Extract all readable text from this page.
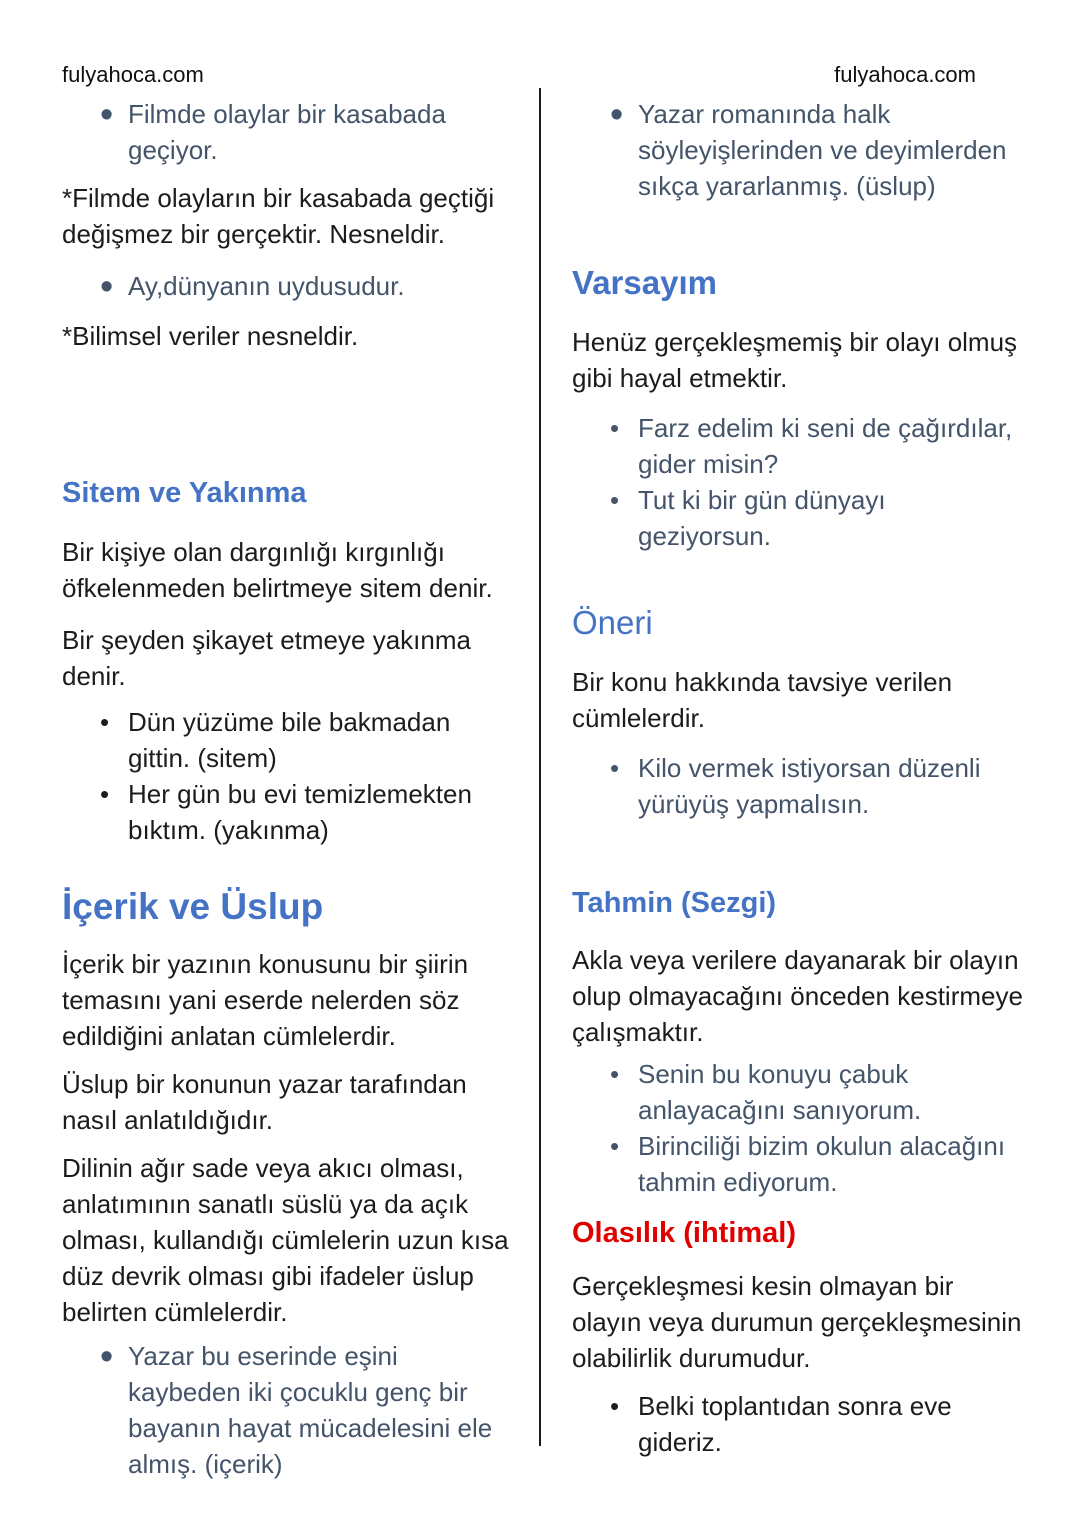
fulyahoca.com
• Filmde olaylar bir kasabada geçiyor.

*Filmde olayların bir kasabada geçtiği değişmez bir gerçektir. Nesneldir.

• Ay,dünyanın uydusudur.

*Bilimsel veriler nesneldir.

Sitem ve Yakınma

Bir kişiye olan dargınlığı kırgınlığı öfkelenmeden belirtmeye sitem denir.

Bir şeyden şikayet etmeye yakınma denir.

• Dün yüzüme bile bakmadan gittin. (sitem)
• Her gün bu evi temizlemekten bıktım. (yakınma)
İçerik ve Üslup

İçerik bir yazının konusunu bir şiirin temasını yani eserde nelerden söz edildiğini anlatan cümlelerdir.

Üslup bir konunun yazar tarafından nasıl anlatıldığıdır.

Dilinin ağır sade veya akıcı olması, anlatımının sanatlı süslü ya da açık olması, kullandığı cümlelerin uzun kısa düz devrik olması gibi ifadeler üslup belirten cümlelerdir.

• Yazar bu eserinde eşini kaybeden iki çocuklu genç bir bayanın hayat mücadelesini ele almış. (içerik)
fulyahoca.com
• Yazar romanında halk söyleyişlerinden ve deyimlerden sıkça yararlanmış. (üslup)
Varsayım

Henüz gerçekleşmemiş bir olayı olmuş gibi hayal etmektir.

• Farz edelim ki seni de çağırdılar, gider misin?
• Tut ki bir gün dünyayı geziyorsun.
Öneri

Bir konu hakkında tavsiye verilen cümlelerdir.

• Kilo vermek istiyorsan düzenli yürüyüş yapmalısın.
Tahmin (Sezgi)

Akla veya verilere dayanarak bir olayın olup olmayacağını önceden kestirmeye çalışmaktır.

• Senin bu konuyu çabuk anlayacağını sanıyorum.
• Birinciliği bizim okulun alacağını tahmin ediyorum.
Olasılık (ihtimal)

Gerçekleşmesi kesin olmayan bir olayın veya durumun gerçekleşmesinin olabilirlik durumudur.

• Belki toplantıdan sonra eve gideriz.
